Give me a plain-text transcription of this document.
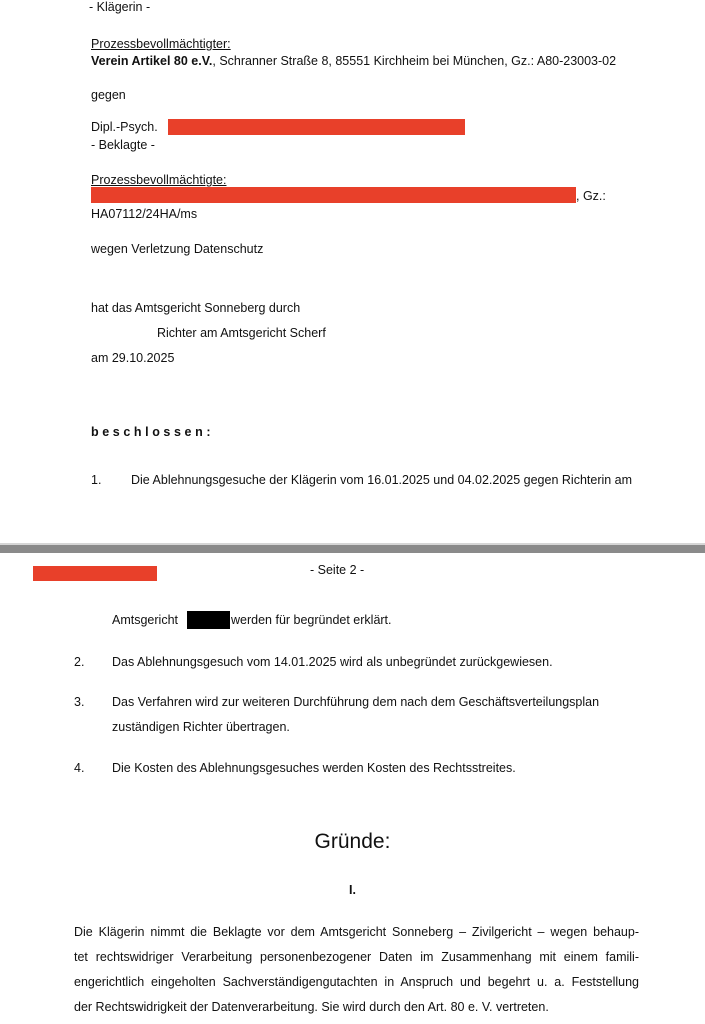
- Klägerin -
Prozessbevollmächtigter:
Verein Artikel 80 e.V., Schranner Straße 8, 85551 Kirchheim bei München, Gz.: A80-23003-02
gegen
Dipl.-Psych.
- Beklagte -
Prozessbevollmächtigte:
, Gz.:
HA07112/24HA/ms
wegen Verletzung Datenschutz
hat das Amtsgericht Sonneberg durch
Richter am Amtsgericht Scherf
am 29.10.2025
beschlossen:
1. Die Ablehnungsgesuche der Klägerin vom 16.01.2025 und 04.02.2025 gegen Richterin am
- Seite 2 -
Amtsgericht	werden für begründet erklärt.
2. Das Ablehnungsgesuch vom 14.01.2025 wird als unbegründet zurückgewiesen.
3. Das Verfahren wird zur weiteren Durchführung dem nach dem Geschäftsverteilungsplan
zuständigen Richter übertragen.
4. Die Kosten des Ablehnungsgesuches werden Kosten des Rechtsstreites.
Gründe:
I.
Die Klägerin nimmt die Beklagte vor dem Amtsgericht Sonneberg – Zivilgericht – wegen behaup-
tet rechtswidriger Verarbeitung personenbezogener Daten im Zusammenhang mit einem famili-
engerichtlich eingeholten Sachverständigengutachten in Anspruch und begehrt u. a. Feststellung
der Rechtswidrigkeit der Datenverarbeitung. Sie wird durch den Art. 80 e. V. vertreten.
